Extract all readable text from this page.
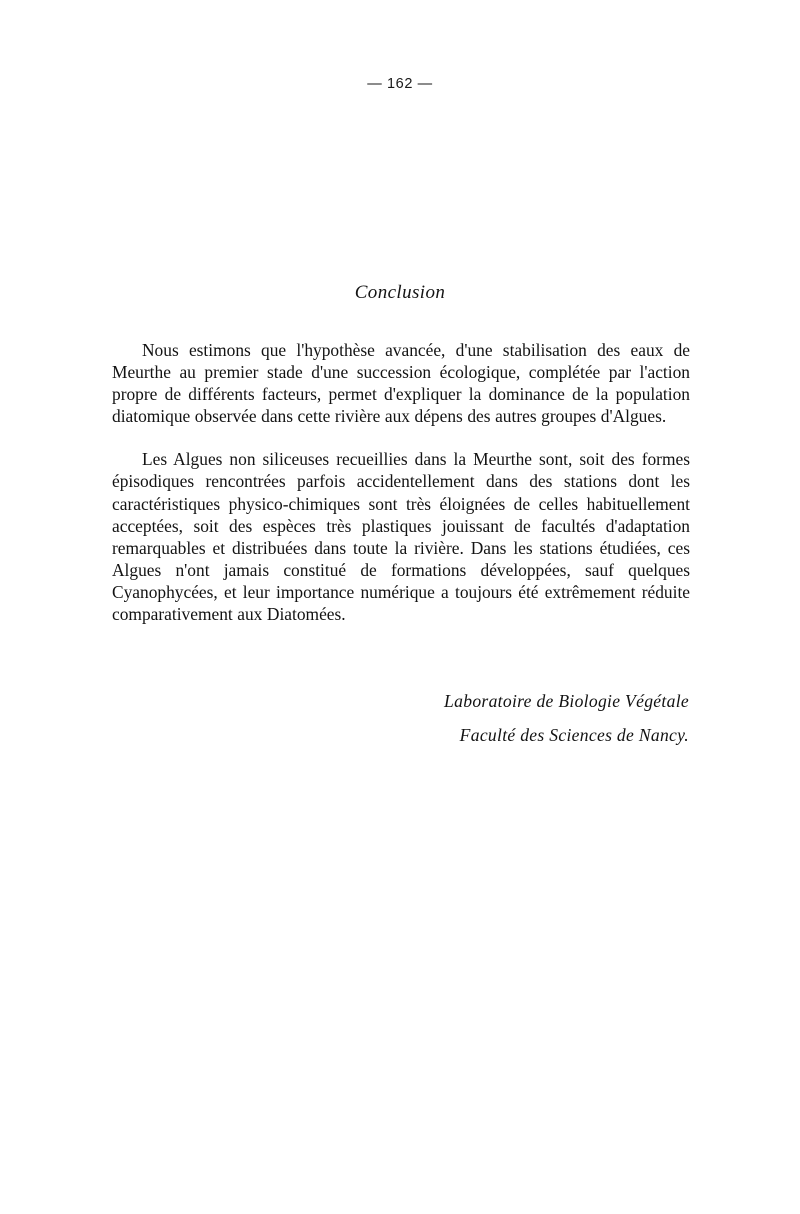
— 162 —
Conclusion

Nous estimons que l'hypothèse avancée, d'une stabilisation des eaux de Meurthe au premier stade d'une succession écologique, complétée par l'action propre de différents facteurs, permet d'expliquer la dominance de la population diatomique observée dans cette rivière aux dépens des autres groupes d'Algues.

Les Algues non siliceuses recueillies dans la Meurthe sont, soit des formes épisodiques rencontrées parfois accidentellement dans des stations dont les caractéristiques physico-chimiques sont très éloignées de celles habituellement acceptées, soit des espèces très plastiques jouissant de facultés d'adaptation remarquables et distribuées dans toute la rivière. Dans les stations étudiées, ces Algues n'ont jamais constitué de formations développées, sauf quelques Cyanophycées, et leur importance numérique a toujours été extrêmement réduite comparativement aux Diatomées.

Laboratoire de Biologie Végétale
Faculté des Sciences de Nancy.
